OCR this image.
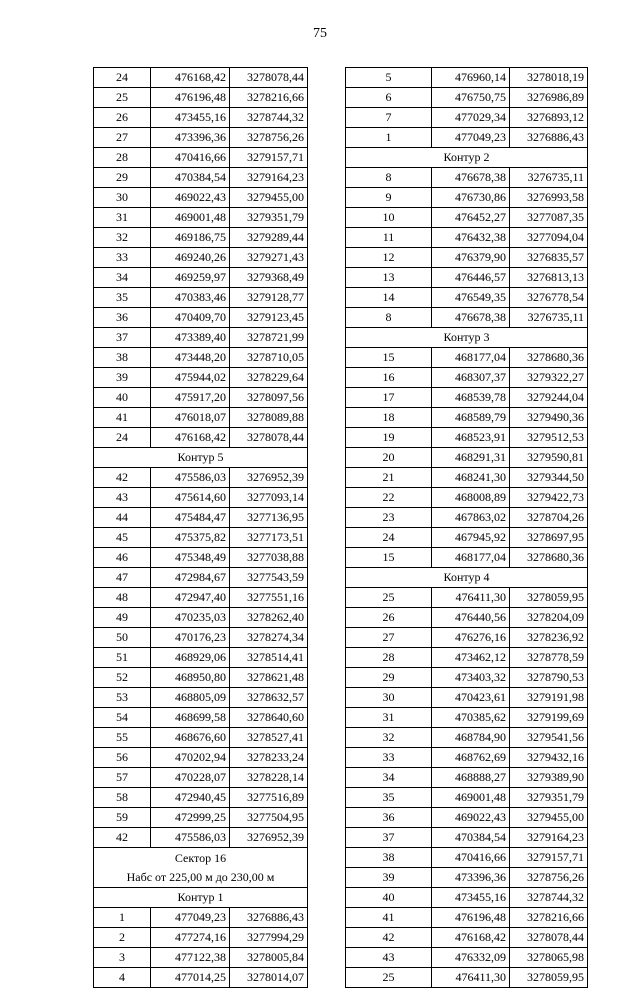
75
24	476168,42	3278078,44
25	476196,48	3278216,66
26	473455,16	3278744,32
27	473396,36	3278756,26
28	470416,66	3279157,71
29	470384,54	3279164,23
30	469022,43	3279455,00
31	469001,48	3279351,79
32	469186,75	3279289,44
33	469240,26	3279271,43
34	469259,97	3279368,49
35	470383,46	3279128,77
36	470409,70	3279123,45
37	473389,40	3278721,99
38	473448,20	3278710,05
39	475944,02	3278229,64
40	475917,20	3278097,56
41	476018,07	3278089,88
24	476168,42	3278078,44
Контур 5		
42	475586,03	3276952,39
43	475614,60	3277093,14
44	475484,47	3277136,95
45	475375,82	3277173,51
46	475348,49	3277038,88
47	472984,67	3277543,59
48	472947,40	3277551,16
49	470235,03	3278262,40
50	470176,23	3278274,34
51	468929,06	3278514,41
52	468950,80	3278621,48
53	468805,09	3278632,57
54	468699,58	3278640,60
55	468676,60	3278527,41
56	470202,94	3278233,24
57	470228,07	3278228,14
58	472940,45	3277516,89
59	472999,25	3277504,95
42	475586,03	3276952,39

Сектор 16
Набс от 225,00 м до 230,00 м		

Контур 1		
1	477049,23	3276886,43
2	477274,16	3277994,29
3	477122,38	3278005,84
4	477014,25	3278014,07
5	476960,14	3278018,19
6	476750,75	3276986,89
7	477029,34	3276893,12
1	477049,23	3276886,43
Контур 2		
8	476678,38	3276735,11
9	476730,86	3276993,58
10	476452,27	3277087,35
11	476432,38	3277094,04
12	476379,90	3276835,57
13	476446,57	3276813,13
14	476549,35	3276778,54
8	476678,38	3276735,11
Контур 3		
15	468177,04	3278680,36
16	468307,37	3279322,27
17	468539,78	3279244,04
18	468589,79	3279490,36
19	468523,91	3279512,53
20	468291,31	3279590,81
21	468241,30	3279344,50
22	468008,89	3279422,73
23	467863,02	3278704,26
24	467945,92	3278697,95
15	468177,04	3278680,36
Контур 4		
25	476411,30	3278059,95
26	476440,56	3278204,09
27	476276,16	3278236,92
28	473462,12	3278778,59
29	473403,32	3278790,53
30	470423,61	3279191,98
31	470385,62	3279199,69
32	468784,90	3279541,56
33	468762,69	3279432,16
34	468888,27	3279389,90
35	469001,48	3279351,79
36	469022,43	3279455,00
37	470384,54	3279164,23
38	470416,66	3279157,71
39	473396,36	3278756,26
40	473455,16	3278744,32
41	476196,48	3278216,66
42	476168,42	3278078,44
43	476332,09	3278065,98
25	476411,30	3278059,95
